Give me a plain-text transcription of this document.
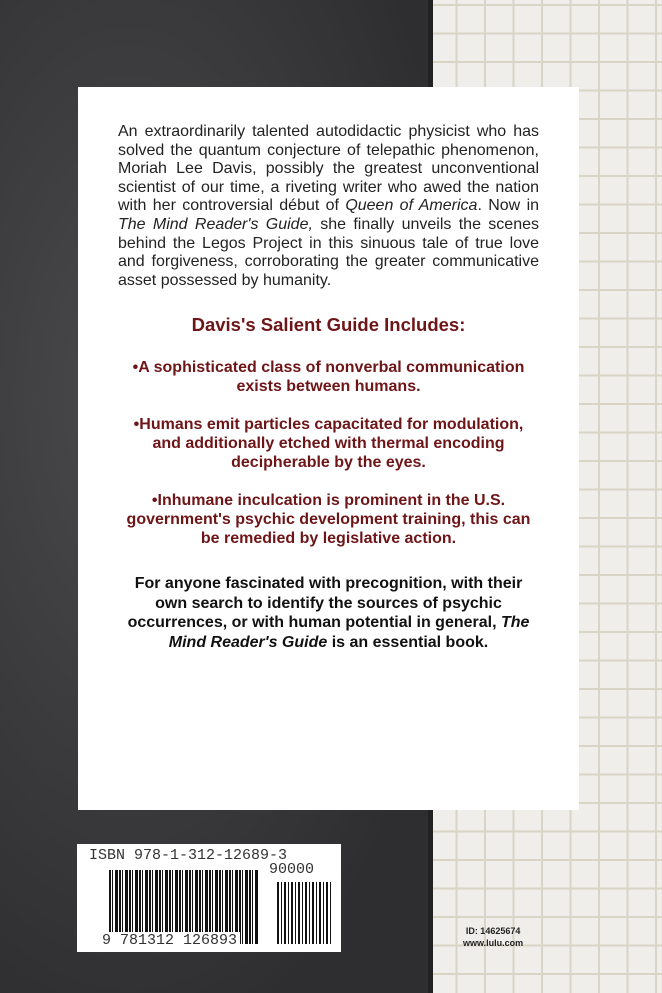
An extraordinarily talented autodidactic physicist who has solved the quantum conjecture of telepathic phenomenon, Moriah Lee Davis, possibly the greatest unconventional scientist of our time, a riveting writer who awed the nation with her controversial début of Queen of America. Now in The Mind Reader's Guide, she finally unveils the scenes behind the Legos Project in this sinuous tale of true love and forgiveness, corroborating the greater communicative asset possessed by humanity.

Davis's Salient Guide Includes:

•A sophisticated class of nonverbal communication exists between humans.

•Humans emit particles capacitated for modulation, and additionally etched with thermal encoding decipherable by the eyes.

•Inhumane inculcation is prominent in the U.S. government's psychic development training, this can be remedied by legislative action.

For anyone fascinated with precognition, with their own search to identify the sources of psychic occurrences, or with human potential in general, The Mind Reader's Guide is an essential book.

ISBN 978-1-312-12689-3
90000
9 781312 126893
ID: 14625674
www.lulu.com
